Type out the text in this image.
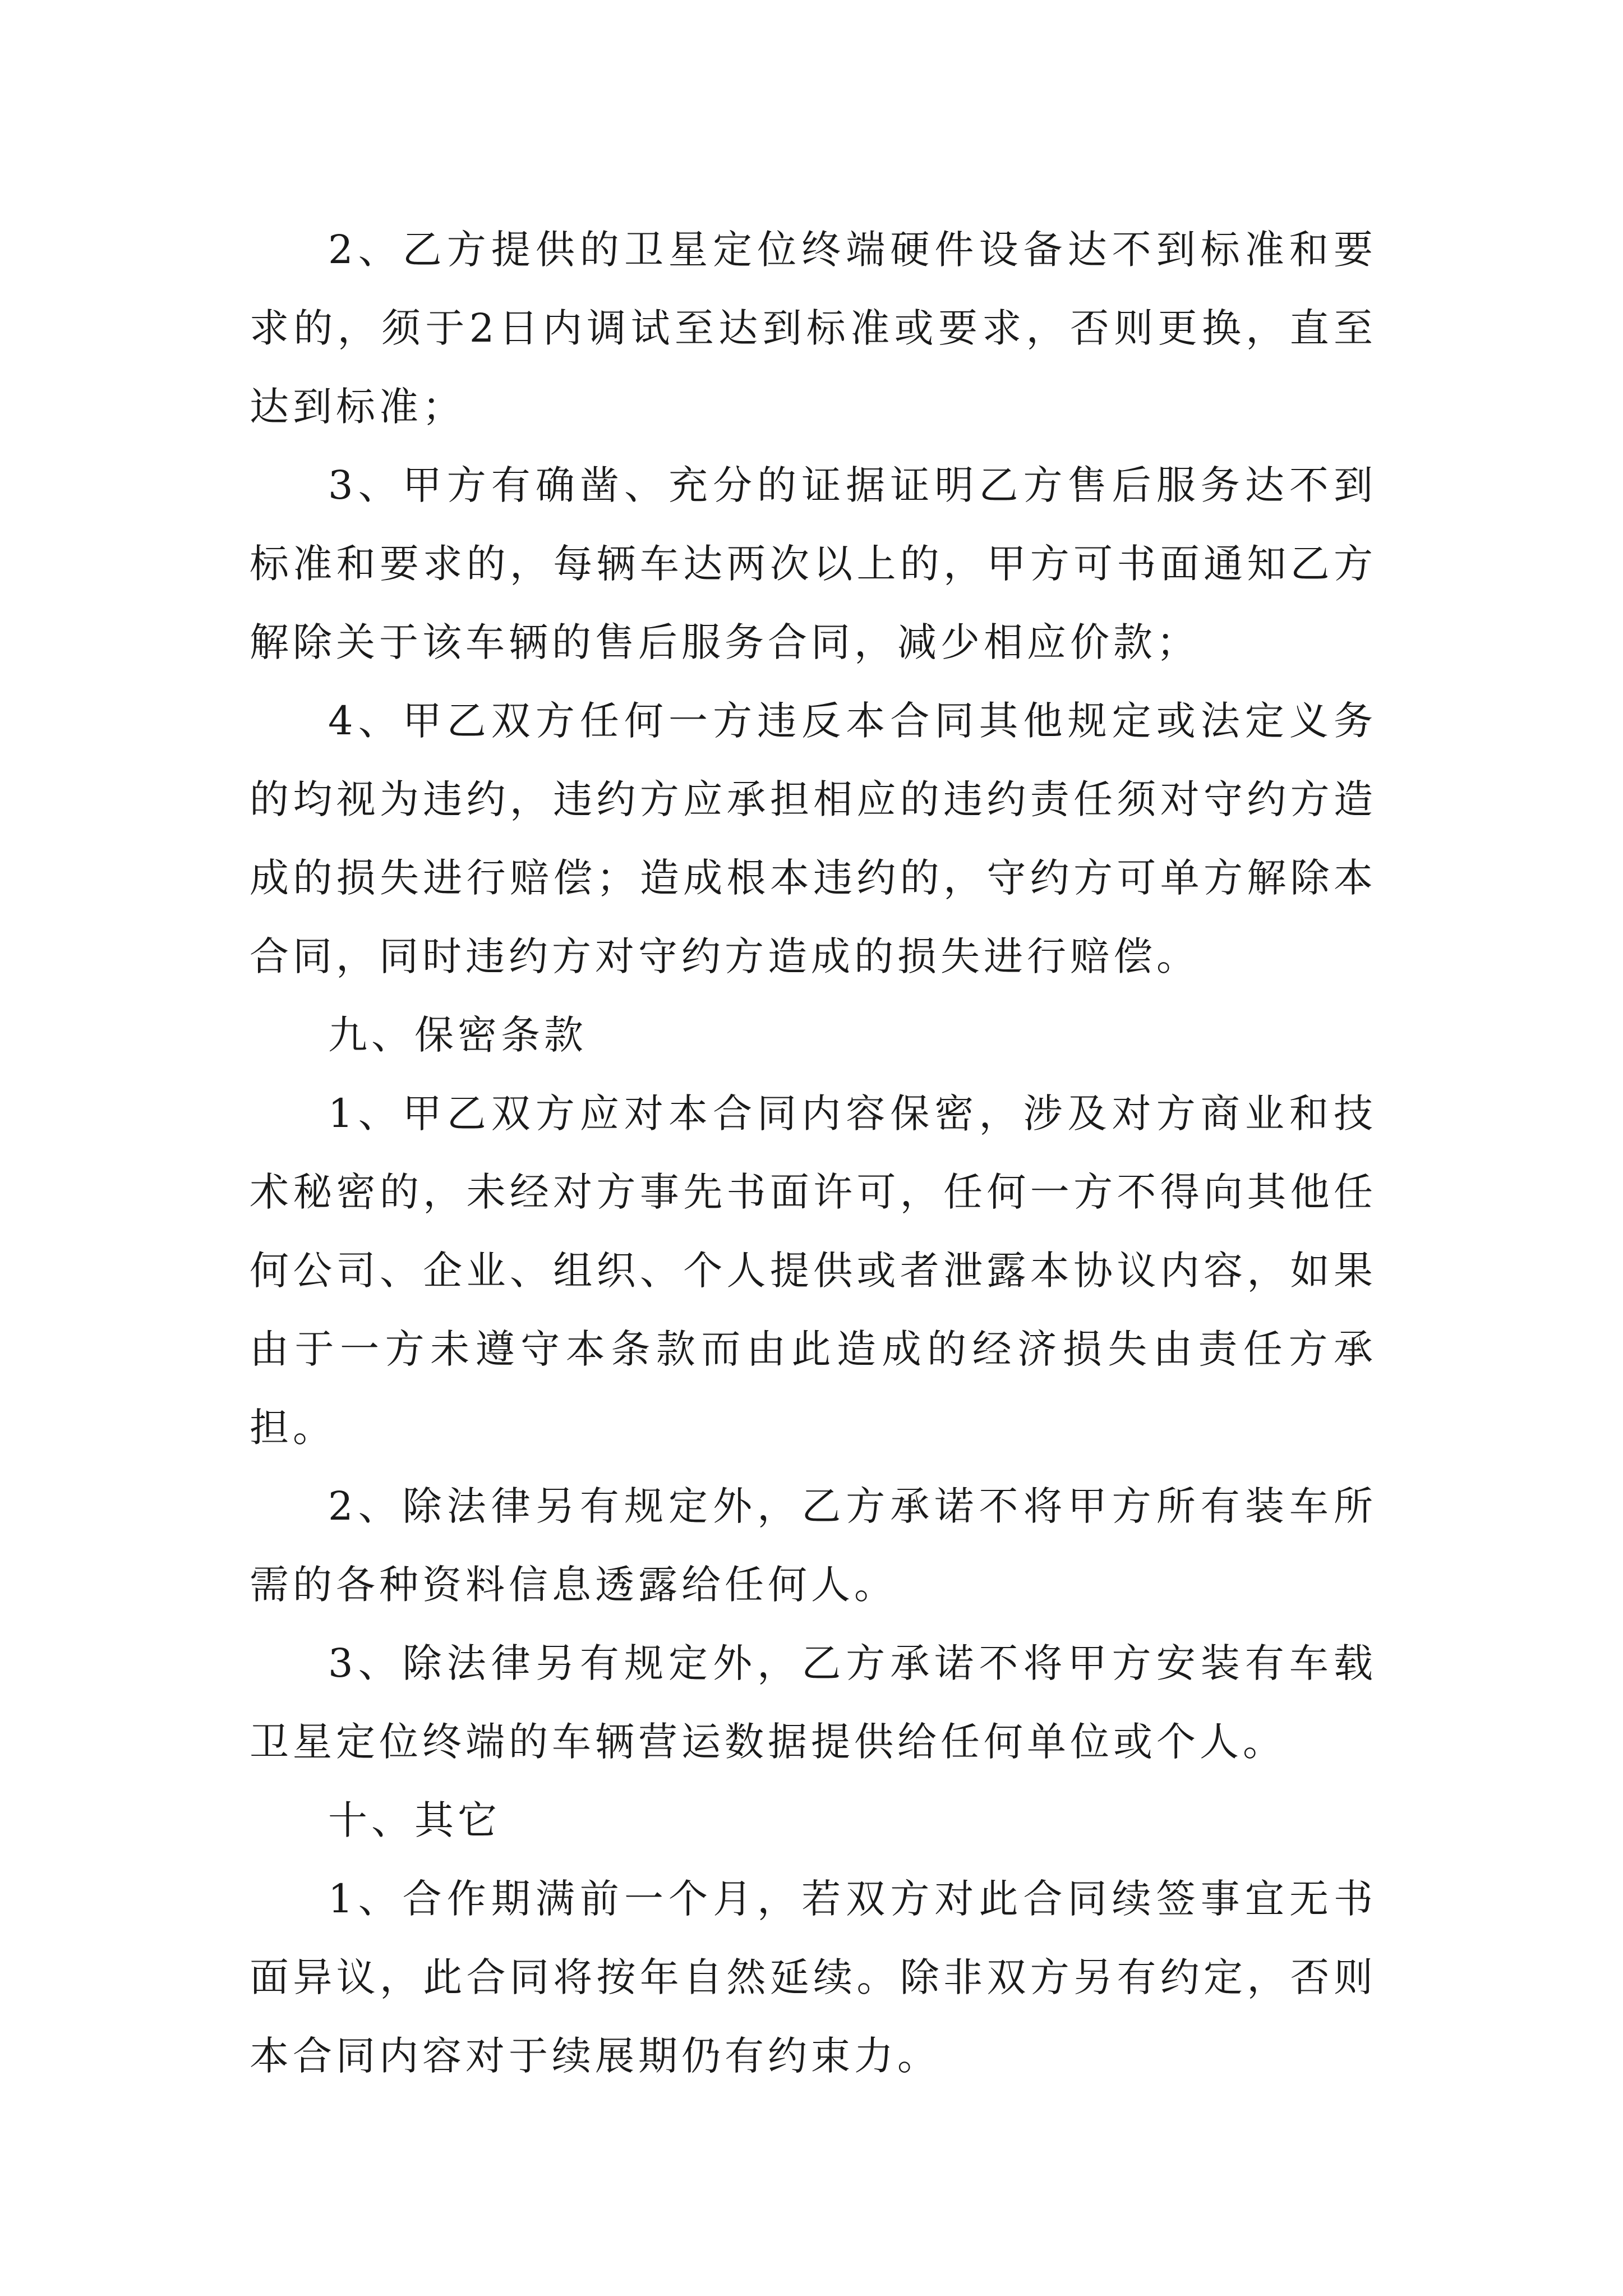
2、乙方提供的卫星定位终端硬件设备达不到标准和要求的，须于2日内调试至达到标准或要求，否则更换，直至达到标准；

3、甲方有确凿、充分的证据证明乙方售后服务达不到标准和要求的，每辆车达两次以上的，甲方可书面通知乙方解除关于该车辆的售后服务合同，减少相应价款；

4、甲乙双方任何一方违反本合同其他规定或法定义务的均视为违约，违约方应承担相应的违约责任须对守约方造成的损失进行赔偿；造成根本违约的，守约方可单方解除本合同，同时违约方对守约方造成的损失进行赔偿。

九、保密条款

1、甲乙双方应对本合同内容保密，涉及对方商业和技术秘密的，未经对方事先书面许可，任何一方不得向其他任何公司、企业、组织、个人提供或者泄露本协议内容，如果由于一方未遵守本条款而由此造成的经济损失由责任方承担。

2、除法律另有规定外，乙方承诺不将甲方所有装车所需的各种资料信息透露给任何人。

3、除法律另有规定外，乙方承诺不将甲方安装有车载卫星定位终端的车辆营运数据提供给任何单位或个人。

十、其它

1、合作期满前一个月，若双方对此合同续签事宜无书面异议，此合同将按年自然延续。除非双方另有约定，否则本合同内容对于续展期仍有约束力。
